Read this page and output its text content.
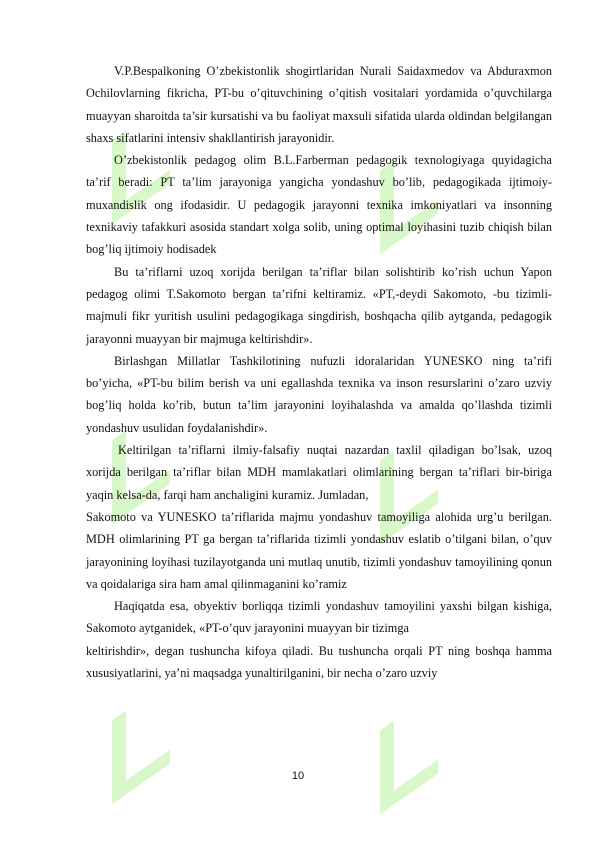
V.P.Bespalkoning O’zbekistonlik shogirtlaridan Nurali Saidaxmedov va Abduraxmon Ochilovlarning fikricha, PT-bu o’qituvchining o’qitish vositalari yordamida o’quvchilarga muayyan sharoitda ta’sir kursatishi va bu faoliyat maxsuli sifatida ularda oldindan belgilangan shaxs sifatlarini intensiv shakllantirish jarayonidir.

O’zbekistonlik pedagog olim B.L.Farberman pedagogik texnologiyaga quyidagicha ta’rif beradi: PT ta’lim jarayoniga yangicha yondashuv bo’lib, pedagogikada ijtimoiy-muxandislik ong ifodasidir. U pedagogik jarayonni texnika imkoniyatlari va insonning texnikaviy tafakkuri asosida standart xolga solib, uning optimal loyihasini tuzib chiqish bilan bog’liq ijtimoiy hodisadek

Bu ta’riflarni uzoq xorijda berilgan ta’riflar bilan solishtirib ko’rish uchun Yapon pedagog olimi T.Sakomoto bergan ta’rifni keltiramiz. «PT,-deydi Sakomoto, -bu tizimli-majmuli fikr yuritish usulini pedagogikaga singdirish, boshqacha qilib aytganda, pedagogik jarayonni muayyan bir majmuga keltirishdir».

Birlashgan Millatlar Tashkilotining nufuzli idoralaridan YUNESKO ning ta’rifi bo’yicha, «PT-bu bilim berish va uni egallashda texnika va inson resurslarini o’zaro uzviy bog’liq holda ko’rib, butun ta’lim jarayonini loyihalashda va amalda qo’llashda tizimli yondashuv usulidan foydalanishdir».

Keltirilgan ta’riflarni ilmiy-falsafiy nuqtai nazardan taxlil qiladigan bo’lsak, uzoq xorijda berilgan ta’riflar bilan MDH mamlakatlari olimlarining bergan ta’riflari bir-biriga yaqin kelsa-da, farqi ham anchaligini kuramiz. Jumladan,

Sakomoto va YUNESKO ta’riflarida majmu yondashuv tamoyiliga alohida urg’u berilgan. MDH olimlarining PT ga bergan ta’riflarida tizimli yondashuv eslatib o’tilgani bilan, o’quv jarayonining loyihasi tuzilayotganda uni mutlaq unutib, tizimli yondashuv tamoyilining qonun va qoidalariga sira ham amal qilinmaganini ko’ramiz

Haqiqatda esa, obyektiv borliqqa tizimli yondashuv tamoyilini yaxshi bilgan kishiga, Sakomoto aytganidek, «PT-o’quv jarayonini muayyan bir tizimga

keltirishdir», degan tushuncha kifoya qiladi. Bu tushuncha orqali PT ning boshqa hamma xususiyatlarini, ya’ni maqsadga yunaltirilganini, bir necha o’zaro uzviy

10
